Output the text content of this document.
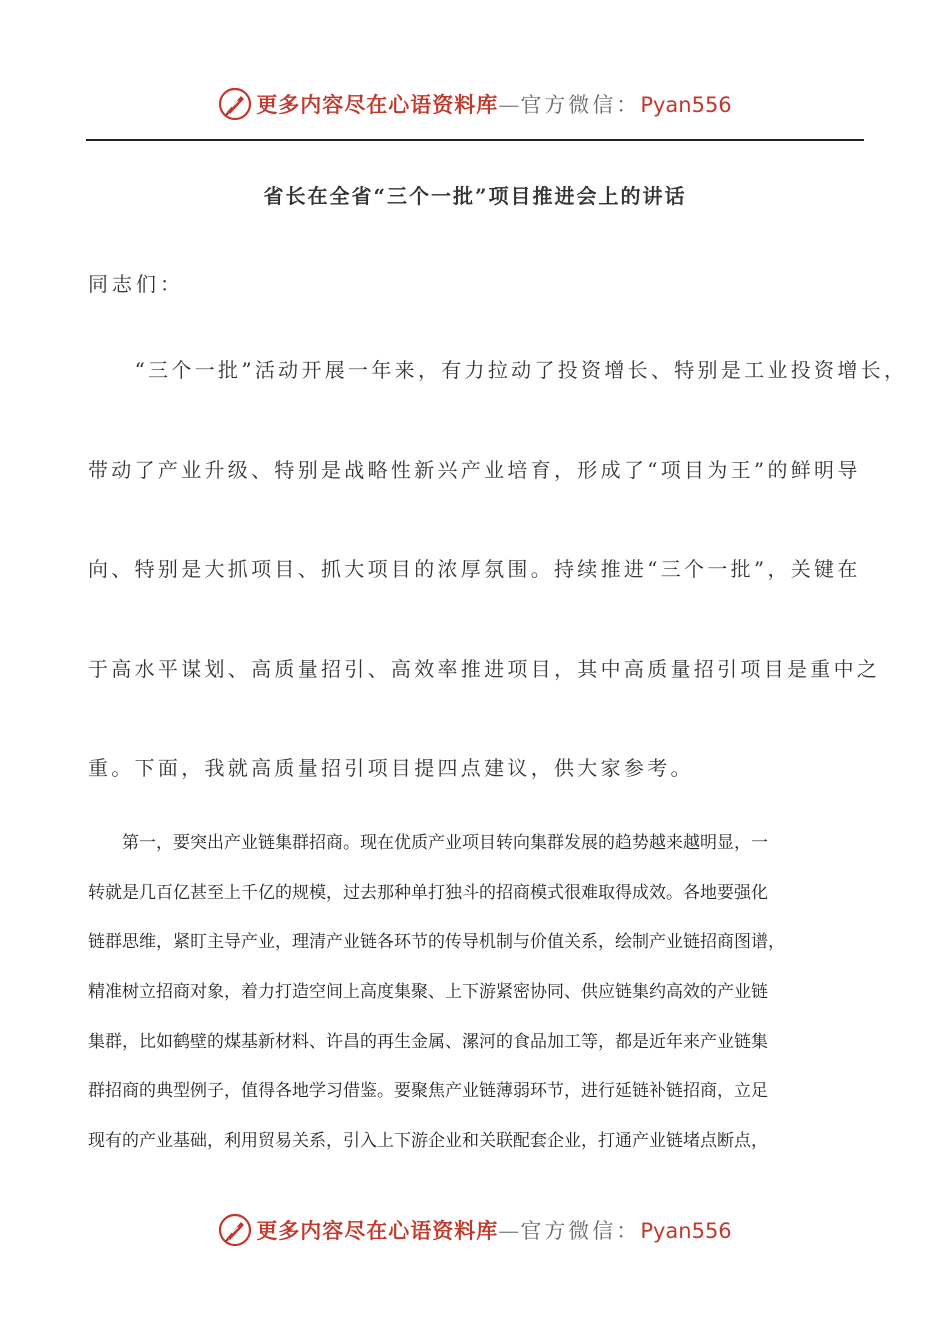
更多内容尽在心语资料库—官方微信：Pyan556
省长在全省“三个一批”项目推进会上的讲话
同志们：
　　“三个一批”活动开展一年来，有力拉动了投资增长、特别是工业投资增长，
带动了产业升级、特别是战略性新兴产业培育，形成了“项目为王”的鲜明导
向、特别是大抓项目、抓大项目的浓厚氛围。持续推进“三个一批”，关键在
于高水平谋划、高质量招引、高效率推进项目，其中高质量招引项目是重中之
重。下面，我就高质量招引项目提四点建议，供大家参考。
　　第一，要突出产业链集群招商。现在优质产业项目转向集群发展的趋势越来越明显，一
转就是几百亿甚至上千亿的规模，过去那种单打独斗的招商模式很难取得成效。各地要强化
链群思维，紧盯主导产业，理清产业链各环节的传导机制与价值关系，绘制产业链招商图谱，
精准树立招商对象，着力打造空间上高度集聚、上下游紧密协同、供应链集约高效的产业链
集群，比如鹤壁的煤基新材料、许昌的再生金属、漯河的食品加工等，都是近年来产业链集
群招商的典型例子，值得各地学习借鉴。要聚焦产业链薄弱环节，进行延链补链招商，立足
现有的产业基础，利用贸易关系，引入上下游企业和关联配套企业，打通产业链堵点断点，
更多内容尽在心语资料库—官方微信：Pyan556
